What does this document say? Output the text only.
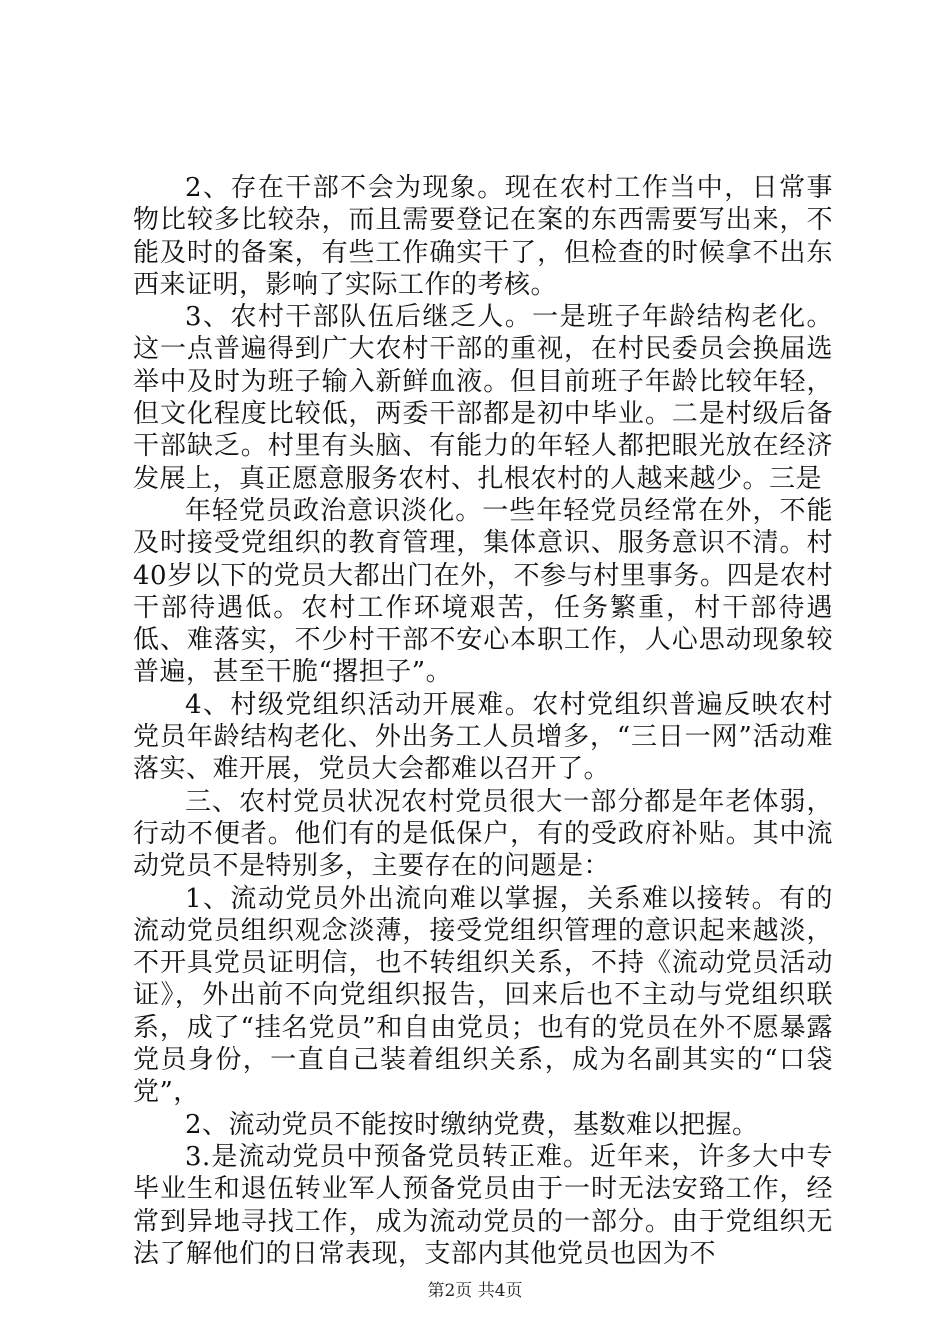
2、存在干部不会为现象。现在农村工作当中，日常事物比较多比较杂，而且需要登记在案的东西需要写出来，不能及时的备案，有些工作确实干了，但检查的时候拿不出东西来证明，影响了实际工作的考核。

3、农村干部队伍后继乏人。一是班子年龄结构老化。这一点普遍得到广大农村干部的重视，在村民委员会换届选举中及时为班子输入新鲜血液。但目前班子年龄比较年轻，但文化程度比较低，两委干部都是初中毕业。二是村级后备干部缺乏。村里有头脑、有能力的年轻人都把眼光放在经济发展上，真正愿意服务农村、扎根农村的人越来越少。三是

年轻党员政治意识淡化。一些年轻党员经常在外，不能及时接受党组织的教育管理，集体意识、服务意识不清。村40岁以下的党员大都出门在外，不参与村里事务。四是农村干部待遇低。农村工作环境艰苦，任务繁重，村干部待遇低、难落实，不少村干部不安心本职工作，人心思动现象较普遍，甚至干脆“撂担子”。

4、村级党组织活动开展难。农村党组织普遍反映农村党员年龄结构老化、外出务工人员增多，“三日一网”活动难落实、难开展，党员大会都难以召开了。

三、农村党员状况农村党员很大一部分都是年老体弱，行动不便者。他们有的是低保户，有的受政府补贴。其中流动党员不是特别多，主要存在的问题是：

1、流动党员外出流向难以掌握，关系难以接转。有的流动党员组织观念淡薄，接受党组织管理的意识起来越淡，不开具党员证明信，也不转组织关系，不持《流动党员活动证》，外出前不向党组织报告，回来后也不主动与党组织联系，成了“挂名党员”和自由党员；也有的党员在外不愿暴露党员身份，一直自己装着组织关系，成为名副其实的“口袋党”，

2、流动党员不能按时缴纳党费，基数难以把握。

3.是流动党员中预备党员转正难。近年来，许多大中专毕业生和退伍转业军人预备党员由于一时无法安臵工作，经常到异地寻找工作，成为流动党员的一部分。由于党组织无法了解他们的日常表现，支部内其他党员也因为不

第2页 共4页
